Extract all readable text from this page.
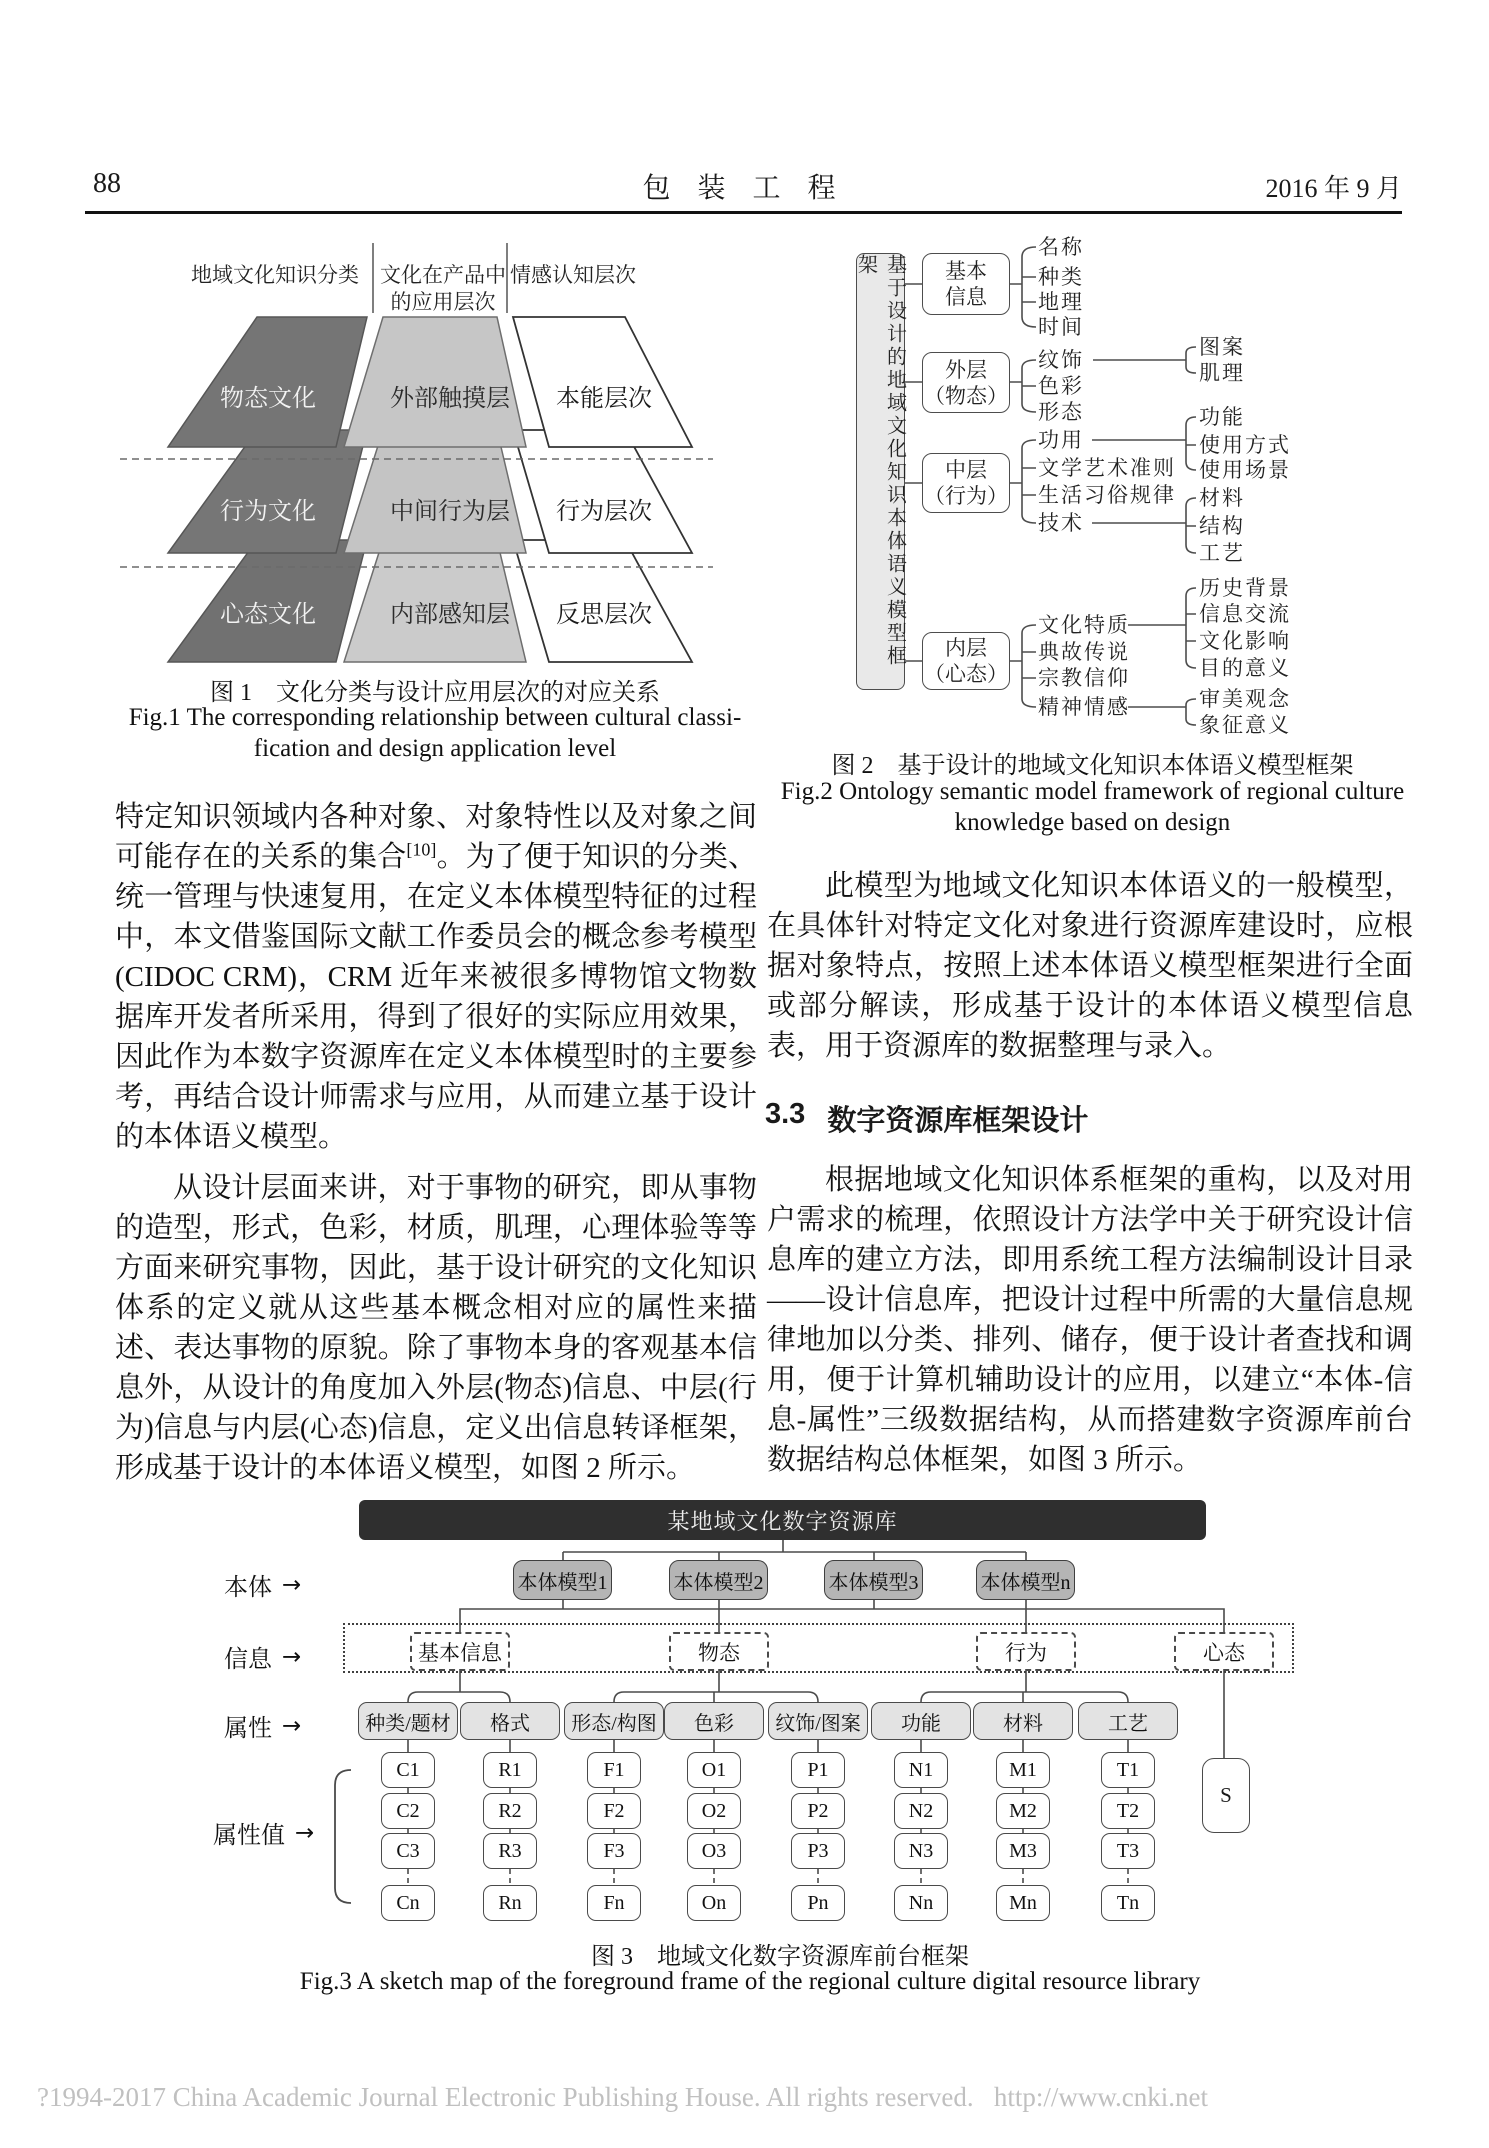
88	包 装 工 程	2016 年 9 月
地域文化知识分类	文化在产品中
的应用层次
情感认知层次
物态文化	外部触摸层	本能层次
行为文化	中间行为层	行为层次
心态文化	内部感知层	反思层次
图 1　文化分类与设计应用层次的对应关系
Fig.1 The corresponding relationship between cultural classi-
fication and design application level
基于设计的地域文化知识本体语义模型框架	基本
信息
外层
（物态）
中层
（行为）
内层
（心态）
名称
种类
地理
时间
纹饰
色彩
形态
功用
文学艺术准则
生活习俗规律
技术
文化特质
典故传说
宗教信仰
精神情感
图案
肌理
功能
使用方式
使用场景
材料
结构
工艺
历史背景
信息交流
文化影响
目的意义
审美观念
象征意义
图 2　基于设计的地域文化知识本体语义模型框架
Fig.2 Ontology semantic model framework of regional culture
knowledge based on design
特定知识领域内各种对象、对象特性以及对象之间可能存在的关系的集合[10]。为了便于知识的分类、统一管理与快速复用，在定义本体模型特征的过程中，本文借鉴国际文献工作委员会的概念参考模型(CIDOC CRM)，CRM 近年来被很多博物馆文物数据库开发者所采用，得到了很好的实际应用效果，因此作为本数字资源库在定义本体模型时的主要参考，再结合设计师需求与应用，从而建立基于设计的本体语义模型。
从设计层面来讲，对于事物的研究，即从事物的造型，形式，色彩，材质，肌理，心理体验等等方面来研究事物，因此，基于设计研究的文化知识体系的定义就从这些基本概念相对应的属性来描述、表达事物的原貌。除了事物本身的客观基本信息外，从设计的角度加入外层(物态)信息、中层(行为)信息与内层(心态)信息，定义出信息转译框架，形成基于设计的本体语义模型，如图 2 所示。
此模型为地域文化知识本体语义的一般模型，在具体针对特定文化对象进行资源库建设时，应根据对象特点，按照上述本体语义模型框架进行全面或部分解读，形成基于设计的本体语义模型信息表，用于资源库的数据整理与录入。
3.3 数字资源库框架设计
根据地域文化知识体系框架的重构，以及对用户需求的梳理，依照设计方法学中关于研究设计信息库的建立方法，即用系统工程方法编制设计目录——设计信息库，把设计过程中所需的大量信息规律地加以分类、排列、储存，便于设计者查找和调用，便于计算机辅助设计的应用，以建立“本体-信息-属性”三级数据结构，从而搭建数字资源库前台数据结构总体框架，如图 3 所示。
某地域文化数字资源库
本体 →
信息 →
属性 →
属性值 →
本体模型1	本体模型2	本体模型3	本体模型n
基本信息	物态	行为	心态
种类/题材	格式	形态/构图	色彩	纹饰/图案	功能	材料	工艺
C1
C2
C3
Cn
R1
R2
R3
Rn
F1
F2
F3
Fn
O1
O2
O3
On
P1
P2
P3
Pn
N1
N2
N3
Nn
M1
M2
M3
Mn
T1
T2
T3
Tn
S
图 3　地域文化数字资源库前台框架
Fig.3 A sketch map of the foreground frame of the regional culture digital resource library
?1994-2017 China Academic Journal Electronic Publishing House. All rights reserved.   http://www.cnki.net
